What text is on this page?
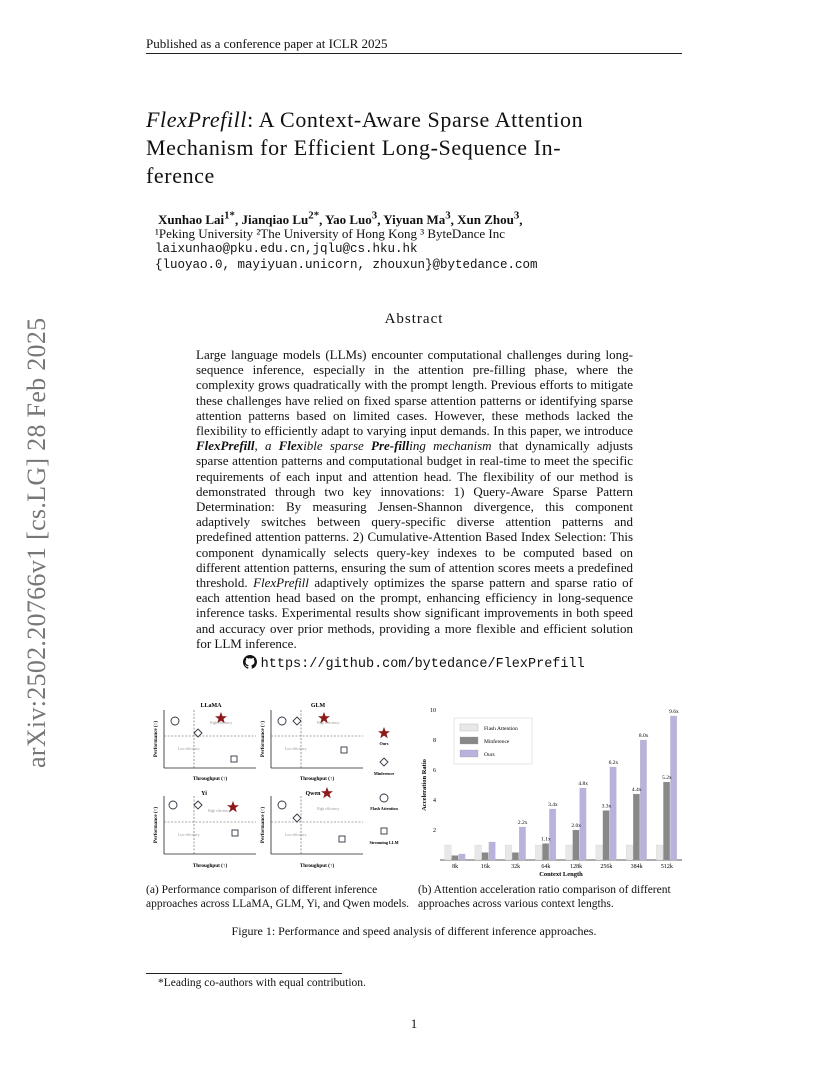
Published as a conference paper at ICLR 2025
arXiv:2502.20766v1 [cs.LG] 28 Feb 2025
FlexPrefill: A Context-Aware Sparse Attention
Mechanism for Efficient Long-Sequence In-
ference
Xunhao Lai$^{1*}$, Jianqiao $Lu^{2*}$, Yao Luo$^3$, Yiyuan Ma$^3$, Xun Zhou$^3$,
¹Peking University ²The University of Hong Kong ³ ByteDance Inc
laixunhao@pku.edu.cn,jqlu@cs.hku.hk
{luoyao.0, mayiyuan.unicorn, zhouxun}@bytedance.com
Abstract

Large language models (LLMs) encounter computational challenges during long-sequence inference, especially in the attention pre-filling phase, where the complexity grows quadratically with the prompt length. Previous efforts to mitigate these challenges have relied on fixed sparse attention patterns or identifying sparse attention patterns based on limited cases. However, these methods lacked the flexibility to efficiently adapt to varying input demands. In this paper, we introduce FlexPrefill, a Flexible sparse Pre-filling mechanism that dynamically adjusts sparse attention patterns and computational budget in real-time to meet the specific requirements of each input and attention head. The flexibility of our method is demonstrated through two key innovations: 1) Query-Aware Sparse Pattern Determination: By measuring Jensen-Shannon divergence, this component adaptively switches between query-specific diverse attention patterns and predefined attention patterns. 2) Cumulative-Attention Based Index Selection: This component dynamically selects query-key indexes to be computed based on different attention patterns, ensuring the sum of attention scores meets a predefined threshold. FlexPrefill adaptively optimizes the sparse pattern and sparse ratio of each attention head based on the prompt, enhancing efficiency in long-sequence inference tasks. Experimental results show significant improvements in both speed and accuracy over prior methods, providing a more flexible and efficient solution for LLM inference.

https://github.com/bytedance/FlexPrefill
LLaMA
High efficiency
Low efficiency
Throughput (↑)
Performance (↑)
GLM
High efficiency
Low efficiency
Throughput (↑)
Performance (↑)
Yi
High efficiency
Low efficiency
Throughput (↑)
Performance (↑)
Qwen
High efficiency
Low efficiency
Throughput (↑)
Performance (↑)
Ours
Minference
Flash Attention
Streaming LLM
2
4
6
8
10
Acceleration Ratio
8k	16k	32k	64k	128k	256k	384k	512k
1.1x
2.0x
3.3x
4.4x
5.2x
2.2x
3.4x
4.8x
6.2x
8.0x
9.6x
Context Length
Flash Attention
Minference
Ours
(a) Performance comparison of different inference approaches across LLaMA, GLM, Yi, and Qwen models.
(b) Attention acceleration ratio comparison of different approaches across various context lengths.
Figure 1: Performance and speed analysis of different inference approaches.
*Leading co-authors with equal contribution.
1
